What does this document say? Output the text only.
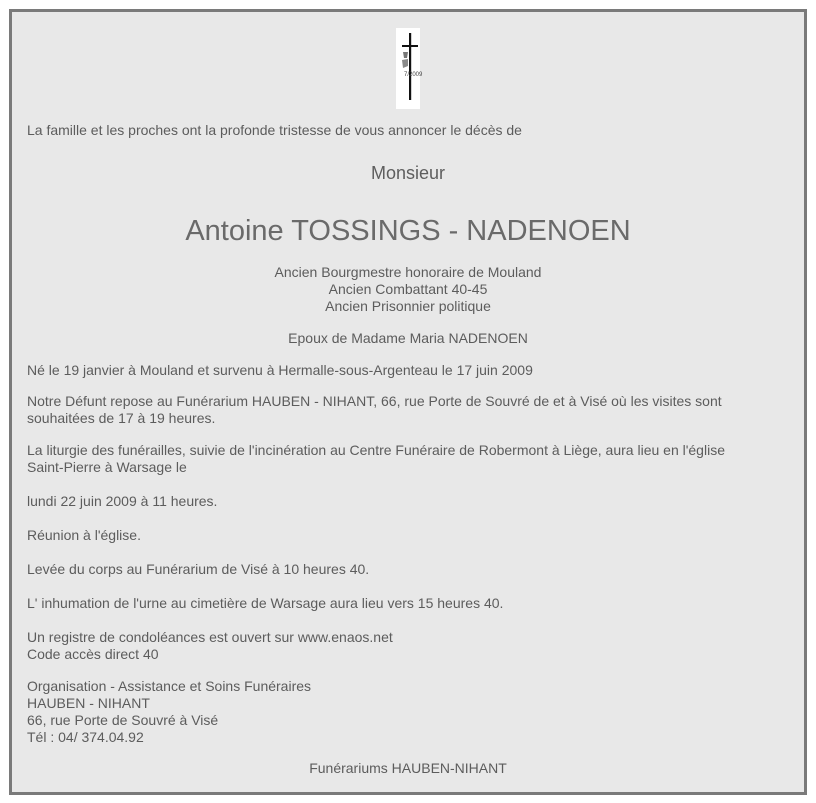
7/2009
La famille et les proches ont la profonde tristesse de vous annoncer le décès de
Monsieur
Antoine TOSSINGS - NADENOEN
Ancien Bourgmestre honoraire de Mouland
Ancien Combattant 40-45
Ancien Prisonnier politique
Epoux de Madame Maria NADENOEN
Né le 19 janvier à Mouland et survenu à Hermalle-sous-Argenteau le 17 juin 2009
Notre Défunt repose au Funérarium HAUBEN - NIHANT, 66, rue Porte de Souvré de et à Visé où les visites sont
souhaitées de 17 à 19 heures.
La liturgie des funérailles, suivie de l'incinération au Centre Funéraire de Robermont à Liège, aura lieu en l'église
Saint-Pierre à Warsage le
lundi 22 juin 2009 à 11 heures.
Réunion à l'église.
Levée du corps au Funérarium de Visé à 10 heures 40.
L' inhumation de l'urne au cimetière de Warsage aura lieu vers 15 heures 40.
Un registre de condoléances est ouvert sur www.enaos.net
Code accès direct 40
Organisation - Assistance et Soins Funéraires
HAUBEN - NIHANT
66, rue Porte de Souvré à Visé
Tél : 04/ 374.04.92
Funérariums HAUBEN-NIHANT
